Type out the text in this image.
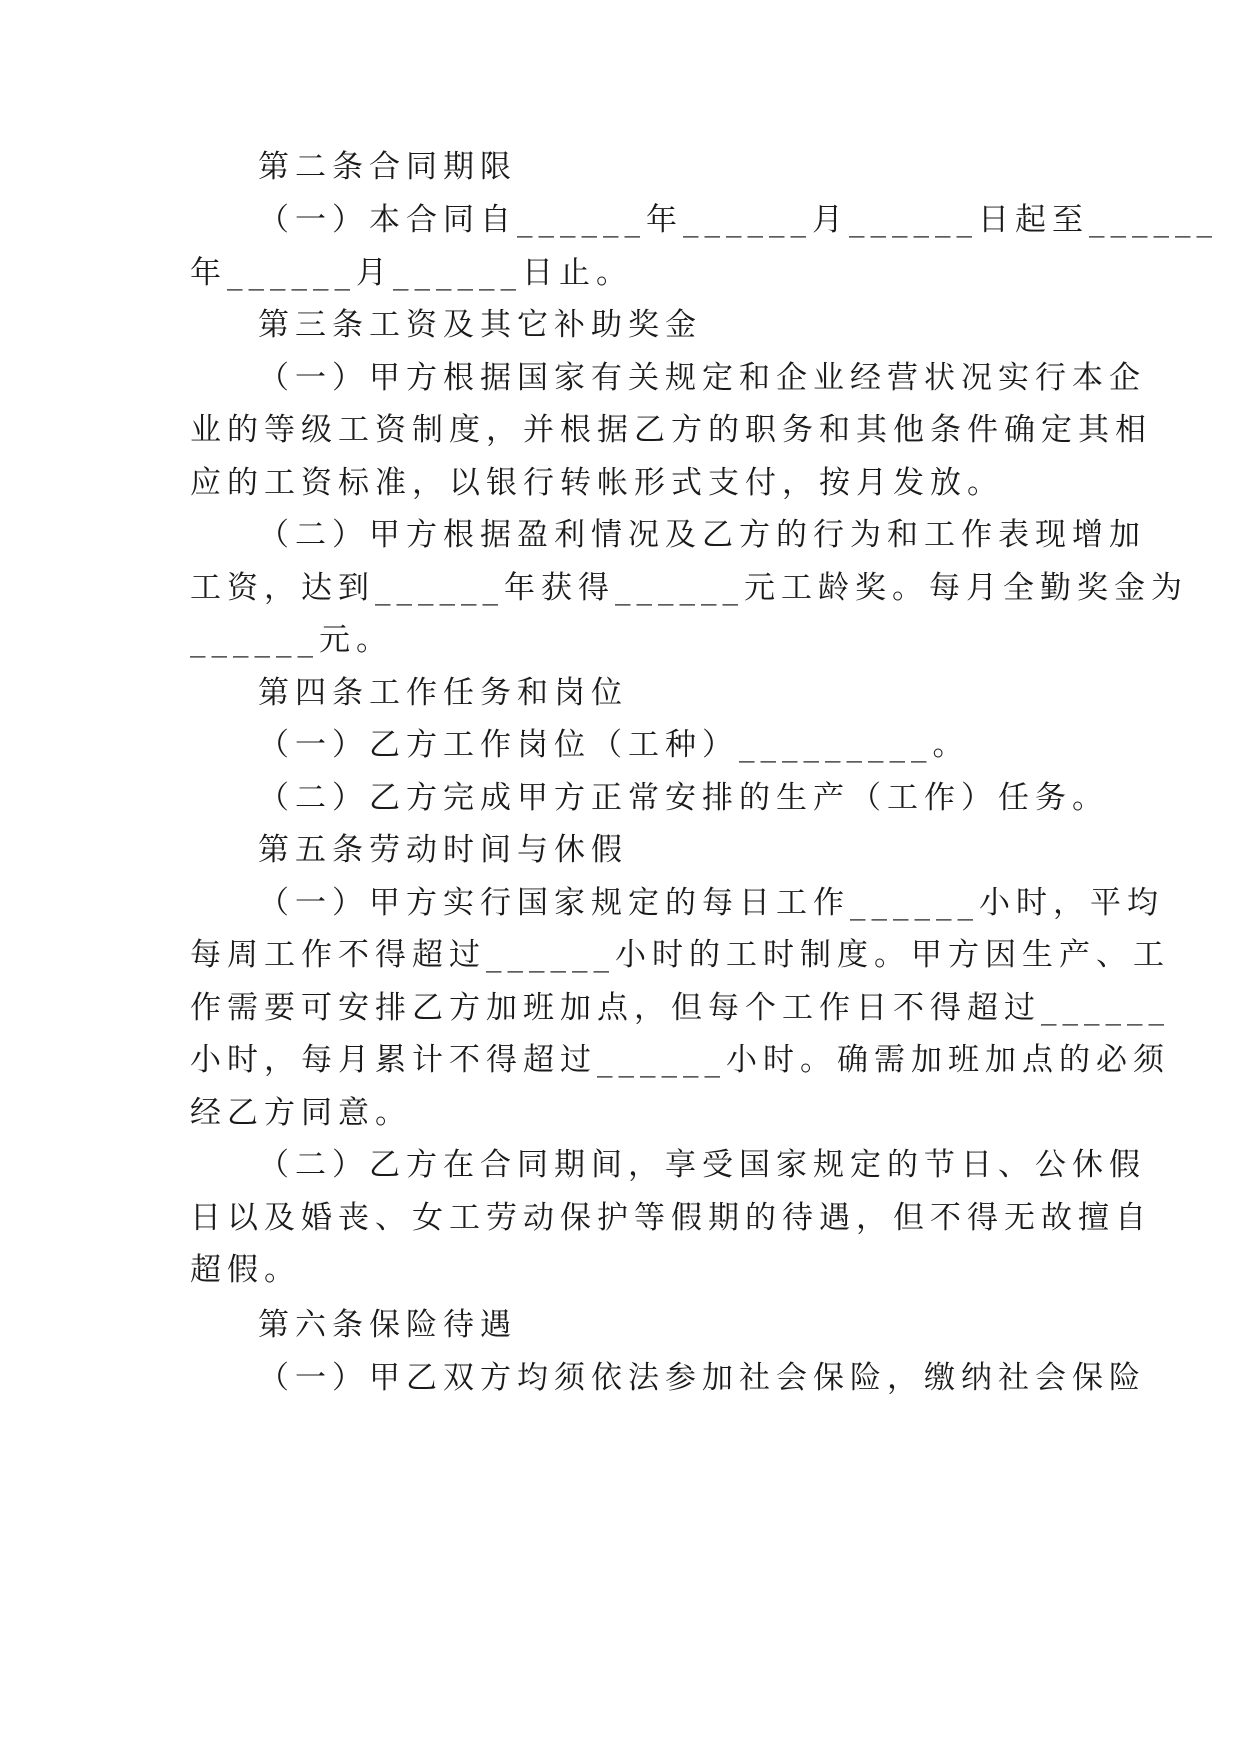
第二条合同期限
（一）本合同自______年______月______日起至______
年______月______日止。
第三条工资及其它补助奖金
（一）甲方根据国家有关规定和企业经营状况实行本企
业的等级工资制度，并根据乙方的职务和其他条件确定其相
应的工资标准，以银行转帐形式支付，按月发放。
（二）甲方根据盈利情况及乙方的行为和工作表现增加
工资，达到______年获得______元工龄奖。每月全勤奖金为
______元。
第四条工作任务和岗位
（一）乙方工作岗位（工种）_________。
（二）乙方完成甲方正常安排的生产（工作）任务。
第五条劳动时间与休假
（一）甲方实行国家规定的每日工作______小时，平均
每周工作不得超过______小时的工时制度。甲方因生产、工
作需要可安排乙方加班加点，但每个工作日不得超过______
小时，每月累计不得超过______小时。确需加班加点的必须
经乙方同意。
（二）乙方在合同期间，享受国家规定的节日、公休假
日以及婚丧、女工劳动保护等假期的待遇，但不得无故擅自
超假。
第六条保险待遇
（一）甲乙双方均须依法参加社会保险，缴纳社会保险
